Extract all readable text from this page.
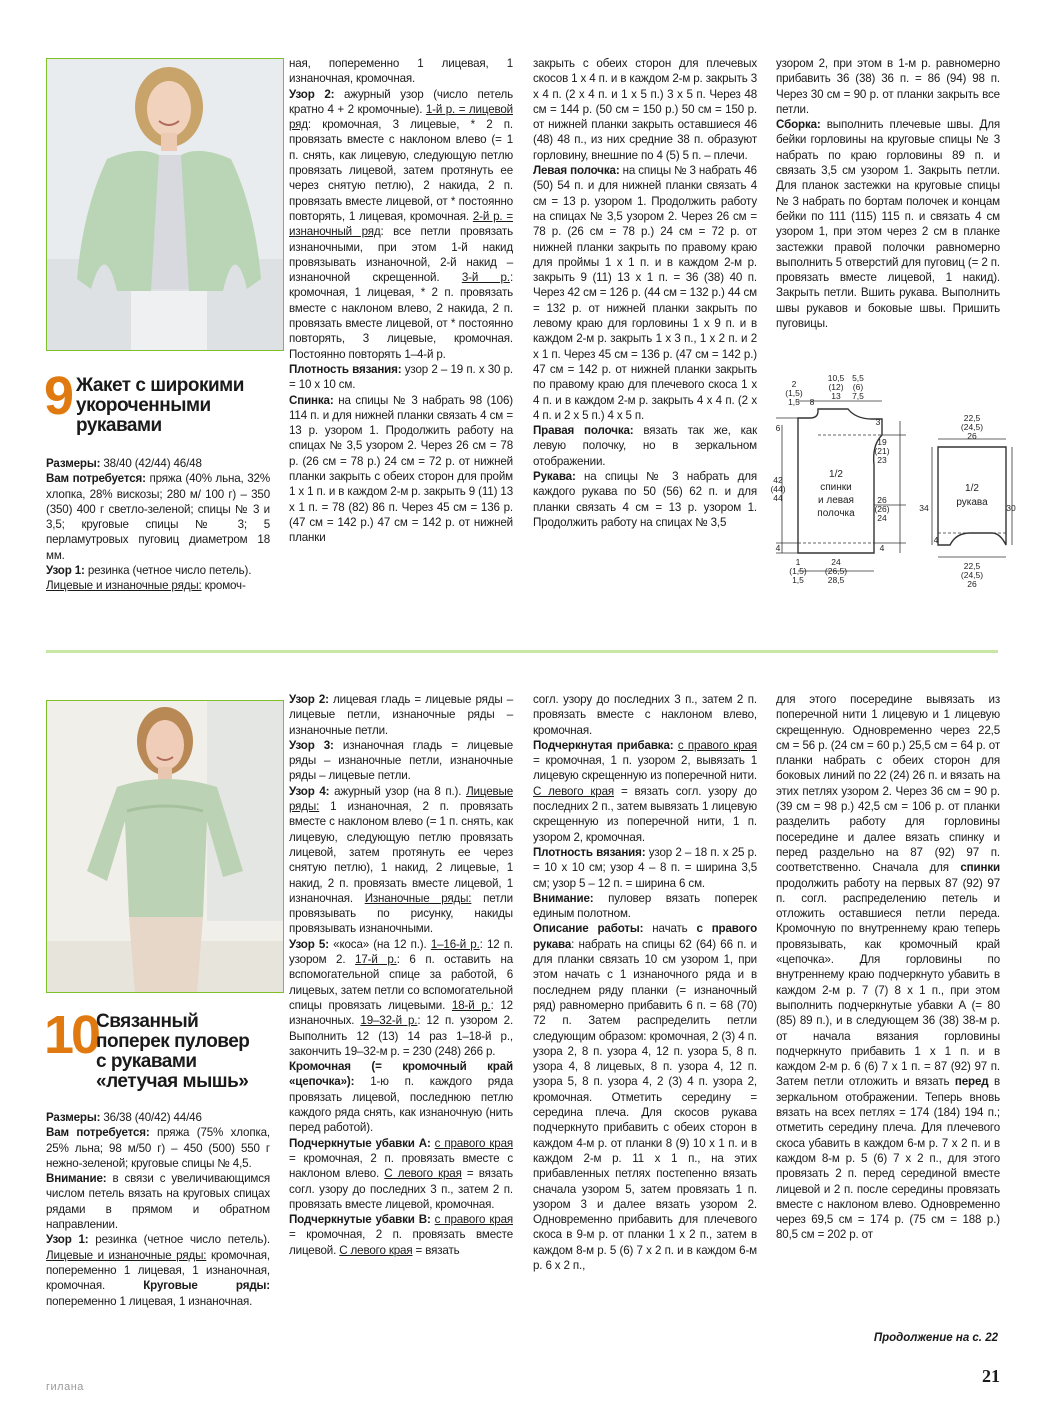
9 Жакет с широкими
укороченными
рукавами

Размеры: 38/40 (42/44) 46/48

Вам потребуется: пряжа (40% льна, 32% хлопка, 28% вискозы; 280 м/ 100 г) – 350 (350) 400 г светло-зеленой; спицы № 3 и 3,5; круговые спицы № 3; 5 перламутровых пуговиц диаметром 18 мм.

Узор 1: резинка (четное число петель).

Лицевые и изнаночные ряды: кромоч-

ная, попеременно 1 лицевая, 1 изнаночная, кромочная.

Узор 2: ажурный узор (число петель кратно 4 + 2 кромочные). 1-й р. = лицевой ряд: кромочная, 3 лицевые, * 2 п. провязать вместе с наклоном влево (= 1 п. снять, как лицевую, следующую петлю провязать лицевой, затем протянуть ее через снятую петлю), 2 накида, 2 п. провязать вместе лицевой, от * постоянно повторять, 1 лицевая, кромочная. 2-й р. = изнаночный ряд: все петли провязать изнаночными, при этом 1-й накид провязывать изнаночной, 2-й накид – изнаночной скрещенной. 3-й р.: кромочная, 1 лицевая, * 2 п. провязать вместе с наклоном влево, 2 накида, 2 п. провязать вместе лицевой, от * постоянно повторять, 3 лицевые, кромочная. Постоянно повторять 1–4-й р.

Плотность вязания: узор 2 – 19 п. х 30 р. = 10 х 10 см.

Спинка: на спицы № 3 набрать 98 (106) 114 п. и для нижней планки связать 4 см = 13 р. узором 1. Продолжить работу на спицах № 3,5 узором 2. Через 26 см = 78 р. (26 см = 78 р.) 24 см = 72 р. от нижней планки закрыть с обеих сторон для пройм 1 х 1 п. и в каждом 2-м р. закрыть 9 (11) 13 х 1 п. = 78 (82) 86 п. Через 45 см = 136 р. (47 см = 142 р.) 47 см = 142 р. от нижней планки

закрыть с обеих сторон для плечевых скосов 1 х 4 п. и в каждом 2-м р. закрыть 3 х 4 п. (2 х 4 п. и 1 х 5 п.) 3 х 5 п. Через 48 см = 144 р. (50 см = 150 р.) 50 см = 150 р. от нижней планки закрыть оставшиеся 46 (48) 48 п., из них средние 38 п. образуют горловину, внешние по 4 (5) 5 п. – плечи.

Левая полочка: на спицы № 3 набрать 46 (50) 54 п. и для нижней планки связать 4 см = 13 р. узором 1. Продолжить работу на спицах № 3,5 узором 2. Через 26 см = 78 р. (26 см = 78 р.) 24 см = 72 р. от нижней планки закрыть по правому краю для проймы 1 х 1 п. и в каждом 2-м р. закрыть 9 (11) 13 х 1 п. = 36 (38) 40 п. Через 42 см = 126 р. (44 см = 132 р.) 44 см = 132 р. от нижней планки закрыть по левому краю для горловины 1 х 9 п. и в каждом 2-м р. закрыть 1 х 3 п., 1 х 2 п. и 2 х 1 п. Через 45 см = 136 р. (47 см = 142 р.) 47 см = 142 р. от нижней планки закрыть по правому краю для плечевого скоса 1 х 4 п. и в каждом 2-м р. закрыть 4 х 4 п. (2 х 4 п. и 2 х 5 п.) 4 х 5 п.

Правая полочка: вязать так же, как левую полочку, но в зеркальном отображении.

Рукава: на спицы № 3 набрать для каждого рукава по 50 (56) 62 п. и для планки связать 4 см = 13 р. узором 1. Продолжить работу на спицах № 3,5

узором 2, при этом в 1-м р. равномерно прибавить 36 (38) 36 п. = 86 (94) 98 п. Через 30 см = 90 р. от планки закрыть все петли.

Сборка: выполнить плечевые швы. Для бейки горловины на круговые спицы № 3 набрать по краю горловины 89 п. и связать 3,5 см узором 1. Закрыть петли. Для планок застежки на круговые спицы № 3 набрать по бортам полочек и концам бейки по 111 (115) 115 п. и связать 4 см узором 1, при этом через 2 см в планке застежки правой полочки равномерно выполнить 5 отверстий для пуговиц (= 2 п. провязать вместе лицевой, 1 накид). Закрыть петли. Вшить рукава. Выполнить швы рукавов и боковые швы. Пришить пуговицы.

2
(1,5)
1,5 8
10,5
(12)
13
5,5
(6)
7,5
3
19
(21)
23
26
(26)
24
4
6
42
(44)
44
4
1
(1,5)
1,5
24
(26,5)
28,5
22,5
(24,5)
26
22,5
(24,5)
26
34	30
4
1/2
спинки
и левая
полочка
1/2
рукава
10
Связанный
поперек пуловер
с рукавами
«летучая мышь»

Размеры: 36/38 (40/42) 44/46

Вам потребуется: пряжа (75% хлопка, 25% льна; 98 м/50 г) – 450 (500) 550 г нежно-зеленой; круговые спицы № 4,5.

Внимание: в связи с увеличивающимся числом петель вязать на круговых спицах рядами в прямом и обратном направлении.

Узор 1: резинка (четное число петель). Лицевые и изнаночные ряды: кромочная, попеременно 1 лицевая, 1 изнаночная, кромочная. Круговые ряды: попеременно 1 лицевая, 1 изнаночная.

Узор 2: лицевая гладь = лицевые ряды – лицевые петли, изнаночные ряды – изнаночные петли.

Узор 3: изнаночная гладь = лицевые ряды – изнаночные петли, изнаночные ряды – лицевые петли.

Узор 4: ажурный узор (на 8 п.). Лицевые ряды: 1 изнаночная, 2 п. провязать вместе с наклоном влево (= 1 п. снять, как лицевую, следующую петлю провязать лицевой, затем протянуть ее через снятую петлю), 1 накид, 2 лицевые, 1 накид, 2 п. провязать вместе лицевой, 1 изнаночная. Изнаночные ряды: петли провязывать по рисунку, накиды провязывать изнаночными.

Узор 5: «коса» (на 12 п.). 1–16-й р.: 12 п. узором 2. 17-й р.: 6 п. оставить на вспомогательной спице за работой, 6 лицевых, затем петли со вспомогательной спицы провязать лицевыми. 18-й р.: 12 изнаночных. 19–32-й р.: 12 п. узором 2. Выполнить 12 (13) 14 раз 1–18-й р., закончить 19–32-м р. = 230 (248) 266 р.

Кромочная (= кромочный край «цепочка»): 1-ю п. каждого ряда провязать лицевой, последнюю петлю каждого ряда снять, как изнаночную (нить перед работой).

Подчеркнутые убавки А: с правого края = кромочная, 2 п. провязать вместе с наклоном влево. С левого края = вязать согл. узору до последних 3 п., затем 2 п. провязать вместе лицевой, кромочная.

Подчеркнутые убавки В: с правого края = кромочная, 2 п. провязать вместе лицевой. С левого края = вязать

согл. узору до последних 3 п., затем 2 п. провязать вместе с наклоном влево, кромочная.

Подчеркнутая прибавка: с правого края = кромочная, 1 п. узором 2, вывязать 1 лицевую скрещенную из поперечной нити. С левого края = вязать согл. узору до последних 2 п., затем вывязать 1 лицевую скрещенную из поперечной нити, 1 п. узором 2, кромочная.

Плотность вязания: узор 2 – 18 п. х 25 р. = 10 х 10 см; узор 4 – 8 п. = ширина 3,5 см; узор 5 – 12 п. = ширина 6 см.

Внимание: пуловер вязать поперек единым полотном.

Описание работы: начать с правого рукава: набрать на спицы 62 (64) 66 п. и для планки связать 10 см узором 1, при этом начать с 1 изнаночного ряда и в последнем ряду планки (= изнаночный ряд) равномерно прибавить 6 п. = 68 (70) 72 п. Затем распределить петли следующим образом: кромочная, 2 (3) 4 п. узора 2, 8 п. узора 4, 12 п. узора 5, 8 п. узора 4, 8 лицевых, 8 п. узора 4, 12 п. узора 5, 8 п. узора 4, 2 (3) 4 п. узора 2, кромочная. Отметить середину = середина плеча. Для скосов рукава подчеркнуто прибавить с обеих сторон в каждом 4-м р. от планки 8 (9) 10 х 1 п. и в каждом 2-м р. 11 х 1 п., на этих прибавленных петлях постепенно вязать сначала узором 5, затем провязать 1 п. узором 3 и далее вязать узором 2. Одновременно прибавить для плечевого скоса в 9-м р. от планки 1 х 2 п., затем в каждом 8-м р. 5 (6) 7 х 2 п. и в каждом 6-м р. 6 х 2 п.,

для этого посередине вывязать из поперечной нити 1 лицевую и 1 лицевую скрещенную. Одновременно через 22,5 см = 56 р. (24 см = 60 р.) 25,5 см = 64 р. от планки набрать с обеих сторон для боковых линий по 22 (24) 26 п. и вязать на этих петлях узором 2. Через 36 см = 90 р. (39 см = 98 р.) 42,5 см = 106 р. от планки разделить работу для горловины посередине и далее вязать спинку и перед раздельно на 87 (92) 97 п. соответственно. Сначала для спинки продолжить работу на первых 87 (92) 97 п. согл. распределению петель и отложить оставшиеся петли переда. Кромочную по внутреннему краю теперь провязывать, как кромочный край «цепочка». Для горловины по внутреннему краю подчеркнуто убавить в каждом 2-м р. 7 (7) 8 х 1 п., при этом выполнить подчеркнутые убавки А (= 80 (85) 89 п.), и в следующем 36 (38) 38-м р. от начала вязания горловины подчеркнуто прибавить 1 х 1 п. и в каждом 2-м р. 6 (6) 7 х 1 п. = 87 (92) 97 п. Затем петли отложить и вязать перед в зеркальном отображении. Теперь вновь вязать на всех петлях = 174 (184) 194 п.; отметить середину плеча. Для плечевого скоса убавить в каждом 6-м р. 7 х 2 п. и в каждом 8-м р. 5 (6) 7 х 2 п., для этого провязать 2 п. перед серединой вместе лицевой и 2 п. после середины провязать вместе с наклоном влево. Одновременно через 69,5 см = 174 р. (75 см = 188 р.) 80,5 см = 202 р. от

Продолжение на с. 22
гилана
21
